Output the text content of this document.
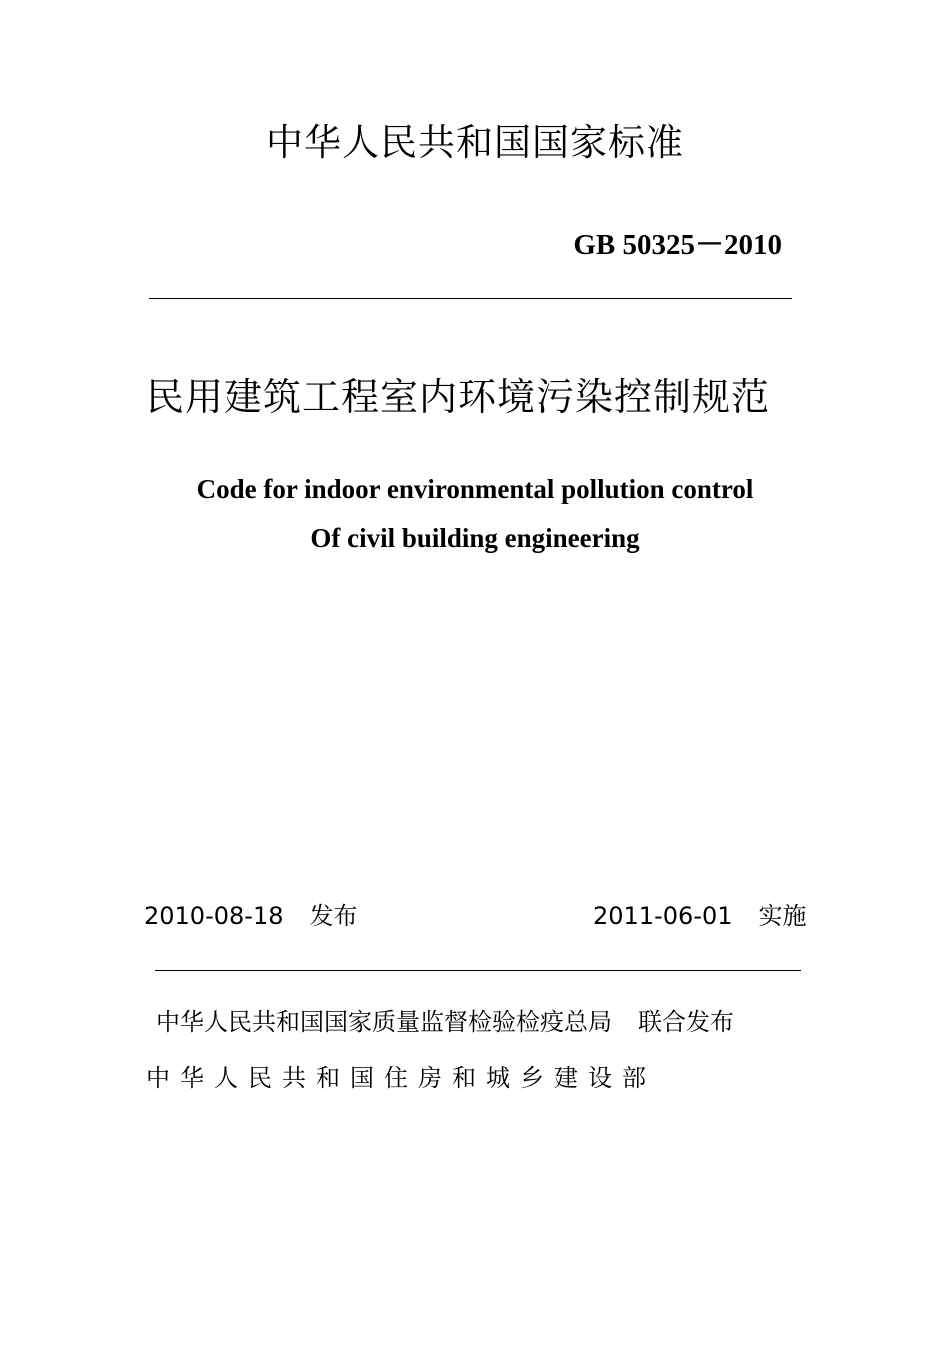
中华人民共和国国家标准
GB 50325－2010
民用建筑工程室内环境污染控制规范
Code for indoor environmental pollution control
Of civil building engineering
2010-08-18 发布	2011-06-01 实施
中华人民共和国国家质量监督检验检疫总局 联合发布
中华人民共和国住房和城乡建设部
